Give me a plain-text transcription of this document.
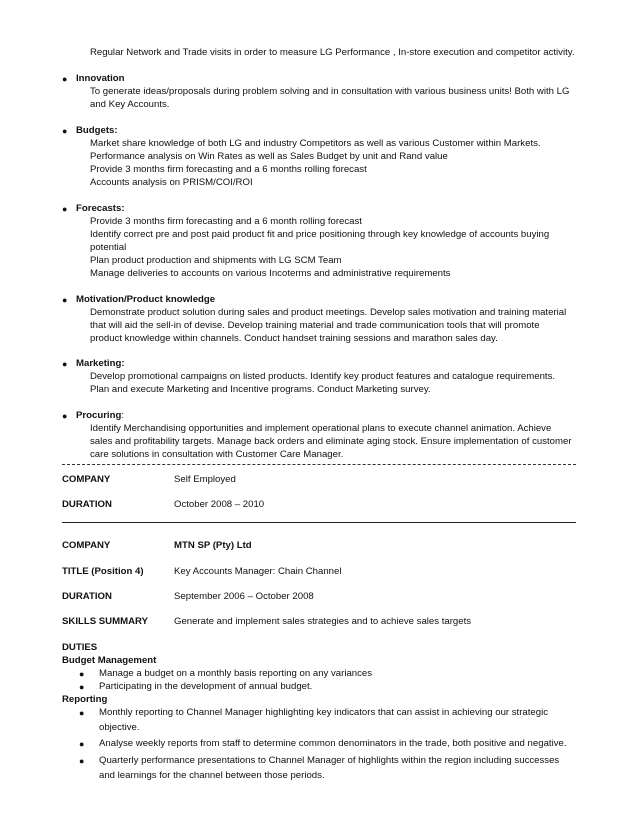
Regular Network and Trade visits in order to measure LG Performance , In-store execution and competitor activity.
● Innovation
To generate ideas/proposals during problem solving and in consultation with various business units! Both with LG
and Key Accounts.
● Budgets:
Market share knowledge of both LG and industry Competitors as well as various Customer within Markets.
Performance analysis on Win Rates as well as Sales Budget by unit and Rand value
Provide 3 months firm forecasting and a 6 months rolling forecast
Accounts analysis on PRISM/COI/ROI
● Forecasts:
Provide 3 months firm forecasting and a 6 month rolling forecast
Identify correct pre and post paid product fit and price positioning through key knowledge of accounts buying
potential
Plan product production and shipments with LG SCM Team
Manage deliveries to accounts on various Incoterms and administrative requirements
● Motivation/Product knowledge
Demonstrate product solution during sales and product meetings. Develop sales motivation and training material
that will aid the sell-in of devise. Develop training material and trade communication tools that will promote
product knowledge within channels. Conduct handset training sessions and marathon sales day.
● Marketing:
Develop promotional campaigns on listed products. Identify key product features and catalogue requirements.
Plan and execute Marketing and Incentive programs. Conduct Marketing survey.
● Procuring:
Identify Merchandising opportunities and implement operational plans to execute channel animation. Achieve
sales and profitability targets. Manage back orders and eliminate aging stock. Ensure implementation of customer
care solutions in consultation with Customer Care Manager.
COMPANY	Self Employed
DURATION	October 2008 – 2010
COMPANY	MTN SP (Pty) Ltd
TITLE (Position 4)	Key Accounts Manager: Chain Channel
DURATION	September 2006 – October 2008
SKILLS SUMMARY	Generate and implement sales strategies and to achieve sales targets
DUTIES
Budget Management
● Manage a budget on a monthly basis reporting on any variances
● Participating in the development of annual budget.
Reporting
● Monthly reporting to Channel Manager highlighting key indicators that can assist in achieving our strategic
objective.
● Analyse weekly reports from staff to determine common denominators in the trade, both positive and negative.
● Quarterly performance presentations to Channel Manager of highlights within the region including successes
and learnings for the channel between those periods.
